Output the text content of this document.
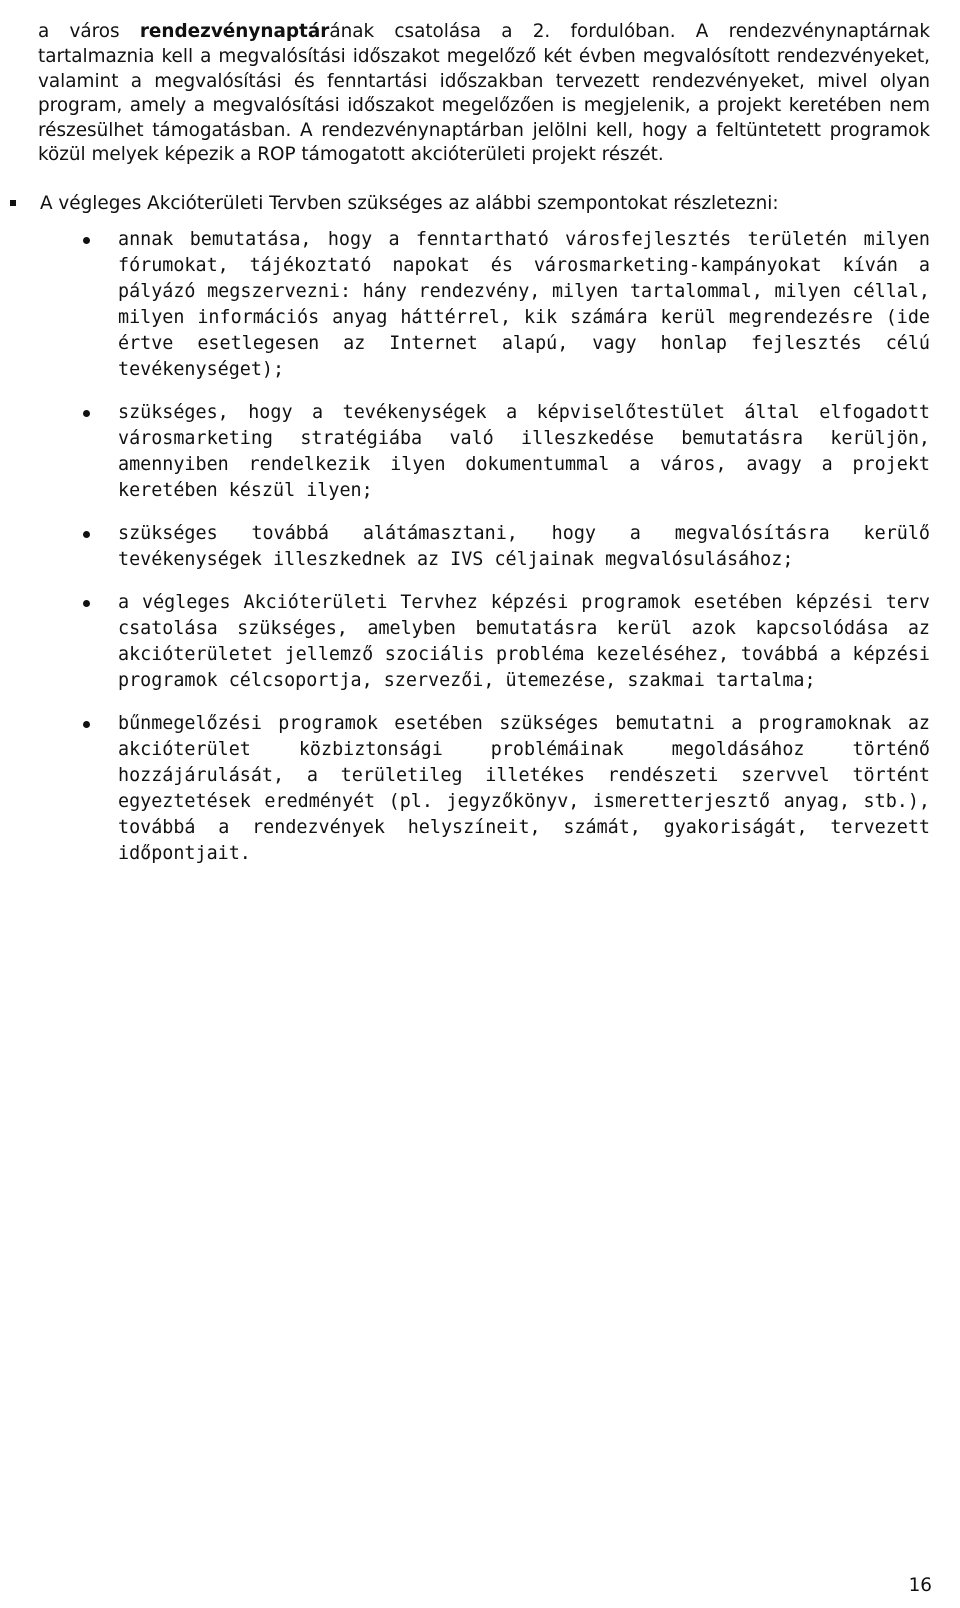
a város rendezvénynaptárának csatolása a 2. fordulóban. A rendezvénynaptárnak tartalmaznia kell a megvalósítási időszakot megelőző két évben megvalósított rendezvényeket, valamint a megvalósítási és fenntartási időszakban tervezett rendezvényeket, mivel olyan program, amely a megvalósítási időszakot megelőzően is megjelenik, a projekt keretében nem részesülhet támogatásban. A rendezvénynaptárban jelölni kell, hogy a feltüntetett programok közül melyek képezik a ROP támogatott akcióterületi projekt részét.

A végleges Akcióterületi Tervben szükséges az alábbi szempontokat részletezni:
annak bemutatása, hogy a fenntartható városfejlesztés területén milyen fórumokat, tájékoztató napokat és városmarketing-kampányokat kíván a pályázó megszervezni: hány rendezvény, milyen tartalommal, milyen céllal, milyen információs anyag háttérrel, kik számára kerül megrendezésre (ide értve esetlegesen az Internet alapú, vagy honlap fejlesztés célú tevékenységet);
szükséges, hogy a tevékenységek a képviselőtestület által elfogadott városmarketing stratégiába való illeszkedése bemutatásra kerüljön, amennyiben rendelkezik ilyen dokumentummal a város, avagy a projekt keretében készül ilyen;
szükséges továbbá alátámasztani, hogy a megvalósításra kerülő tevékenységek illeszkednek az IVS céljainak megvalósulásához;
a végleges Akcióterületi Tervhez képzési programok esetében képzési terv csatolása szükséges, amelyben bemutatásra kerül azok kapcsolódása az akcióterületet jellemző szociális probléma kezeléséhez, továbbá a képzési programok célcsoportja, szervezői, ütemezése, szakmai tartalma;
bűnmegelőzési programok esetében szükséges bemutatni a programoknak az akcióterület közbiztonsági problémáinak megoldásához történő hozzájárulását, a területileg illetékes rendészeti szervvel történt egyeztetések eredményét (pl. jegyzőkönyv, ismeretterjesztő anyag, stb.), továbbá a rendezvények helyszíneit, számát, gyakoriságát, tervezett időpontjait.
16
